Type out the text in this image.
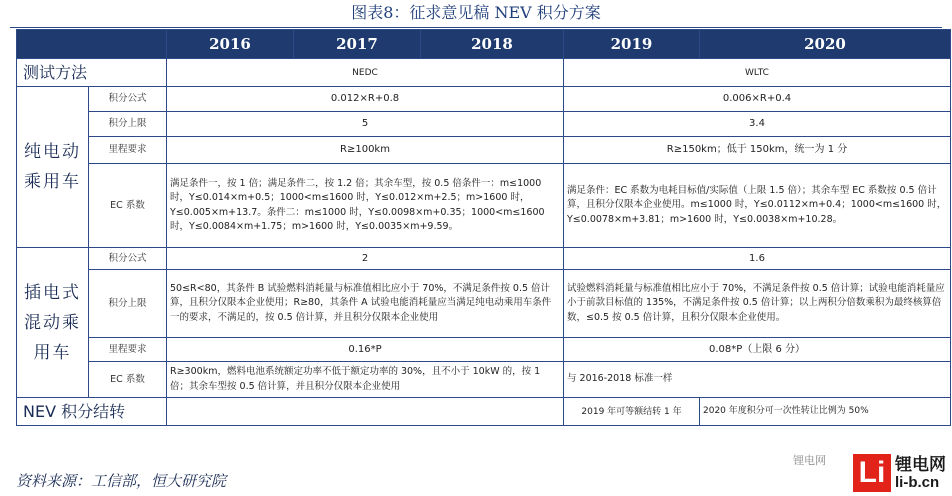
图表8：征求意见稿 NEV 积分方案
		2016	2017	2018	2019	2020
测试方法		NEDC			WLTC	
纯电动乘用车	积分公式	0.012×R+0.8			0.006×R+0.4	
	积分上限	5			3.4	
	里程要求	R≥100km			R≥150km；低于 150km，统一为 1 分	
	EC 系数	满足条件一，按 1 倍；满足条件二，按 1.2 倍；其余车型，按 0.5 倍条件一：m≤1000 时，Y≤0.014×m+0.5；1000<m≤1600 时，Y≤0.012×m+2.5；m>1600 时，Y≤0.005×m+13.7。条件二：m≤1000 时，Y≤0.0098×m+0.35；1000<m≤1600 时，Y≤0.0084×m+1.75；m>1600 时，Y≤0.0035×m+9.59。			满足条件：EC 系数为电耗目标值/实际值（上限 1.5 倍）；其余车型 EC 系数按 0.5 倍计算，且积分仅限本企业使用。m≤1000 时，Y≤0.0112×m+0.4；1000<m≤1600 时，Y≤0.0078×m+3.81；m>1600 时，Y≤0.0038×m+10.28。	
插电式混动乘用车	积分公式	2			1.6	
	积分上限	50≤R<80，其条件 B 试验燃料消耗量与标准值相比应小于 70%，不满足条件按 0.5 倍计算，且积分仅限本企业使用；R≥80，其条件 A 试验电能消耗量应当满足纯电动乘用车条件一的要求，不满足的，按 0.5 倍计算，并且积分仅限本企业使用			试验燃料消耗量与标准值相比应小于 70%，不满足条件按 0.5 倍计算；试验电能消耗量应小于前款目标值的 135%，不满足条件按 0.5 倍计算；以上两积分倍数乘积为最终核算倍数，≤0.5 按 0.5 倍计算，且积分仅限本企业使用。	
	里程要求	0.16*P			0.08*P（上限 6 分）	
	EC 系数	R≥300km，燃料电池系统额定功率不低于额定功率的 30%，且不小于 10kW 的，按 1 倍；其余车型按 0.5 倍计算，并且积分仅限本企业使用			与 2016-2018 标准一样	
NEV 积分结转					2019 年可等额结转 1 年	2020 年度积分可一次性转让比例为 50%
资料来源：工信部，恒大研究院
锂电网 Li 锂电网
li-b.cn
